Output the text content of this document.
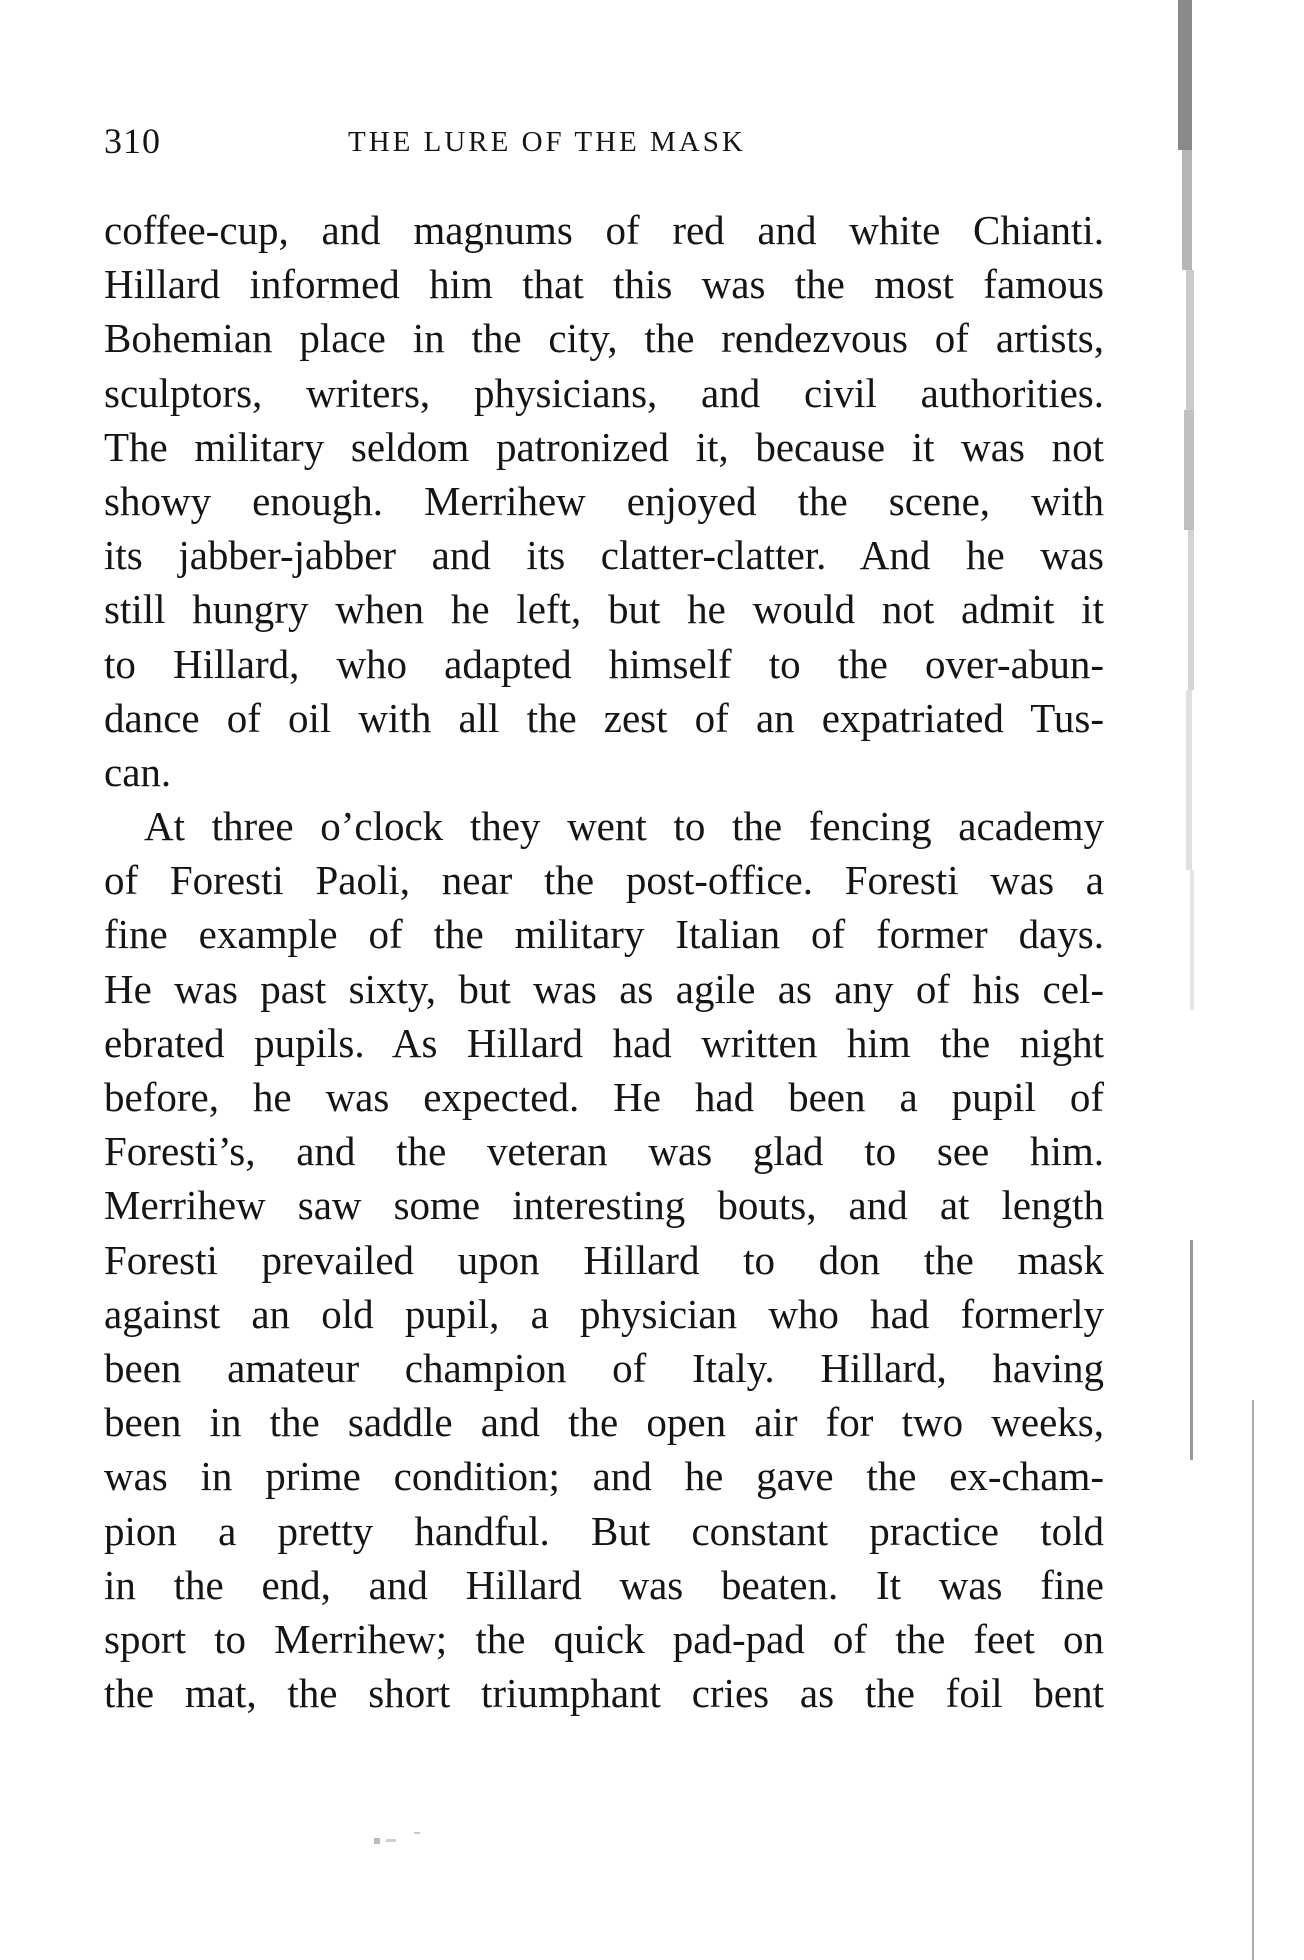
310	THE LURE OF THE MASK
coffee-cup, and magnums of red and white Chianti.
Hillard informed him that this was the most famous
Bohemian place in the city, the rendezvous of artists,
sculptors, writers, physicians, and civil authorities.
The military seldom patronized it, because it was not
showy enough. Merrihew enjoyed the scene, with
its jabber-jabber and its clatter-clatter. And he was
still hungry when he left, but he would not admit it
to Hillard, who adapted himself to the over-abun-
dance of oil with all the zest of an expatriated Tus-
can.
At three o’clock they went to the fencing academy
of Foresti Paoli, near the post-office. Foresti was a
fine example of the military Italian of former days.
He was past sixty, but was as agile as any of his cel-
ebrated pupils. As Hillard had written him the night
before, he was expected. He had been a pupil of
Foresti’s, and the veteran was glad to see him.
Merrihew saw some interesting bouts, and at length
Foresti prevailed upon Hillard to don the mask
against an old pupil, a physician who had formerly
been amateur champion of Italy. Hillard, having
been in the saddle and the open air for two weeks,
was in prime condition; and he gave the ex-cham-
pion a pretty handful. But constant practice told
in the end, and Hillard was beaten. It was fine
sport to Merrihew; the quick pad-pad of the feet on
the mat, the short triumphant cries as the foil bent
